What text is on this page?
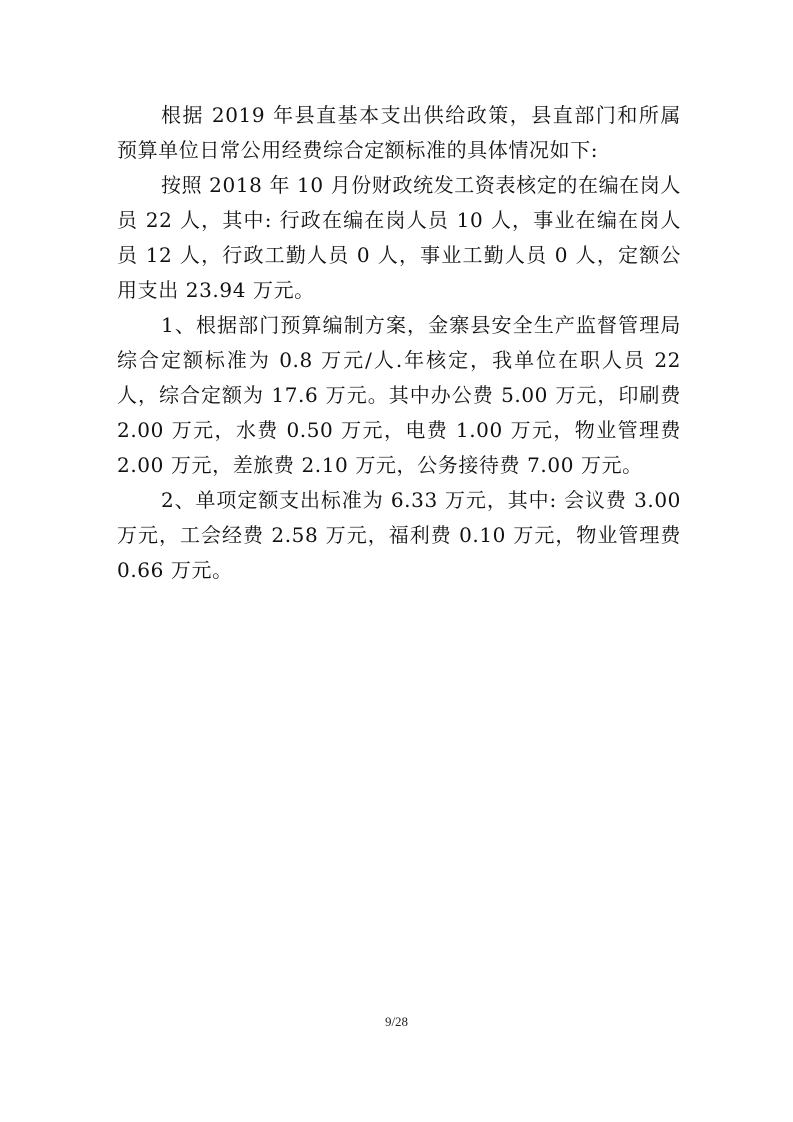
根据 2019 年县直基本支出供给政策，县直部门和所属预算单位日常公用经费综合定额标准的具体情况如下:

按照 2018 年 10 月份财政统发工资表核定的在编在岗人员 22 人，其中: 行政在编在岗人员 10 人，事业在编在岗人员 12 人，行政工勤人员 0 人，事业工勤人员 0 人，定额公用支出 23.94 万元。

1、根据部门预算编制方案，金寨县安全生产监督管理局综合定额标准为 0.8 万元/人.年核定，我单位在职人员 22 人，综合定额为 17.6 万元。其中办公费 5.00 万元，印刷费 2.00 万元，水费 0.50 万元，电费 1.00 万元，物业管理费 2.00 万元，差旅费 2.10 万元，公务接待费 7.00 万元。

2、单项定额支出标准为 6.33 万元，其中: 会议费 3.00 万元，工会经费 2.58 万元，福利费 0.10 万元，物业管理费 0.66 万元。

9/28
